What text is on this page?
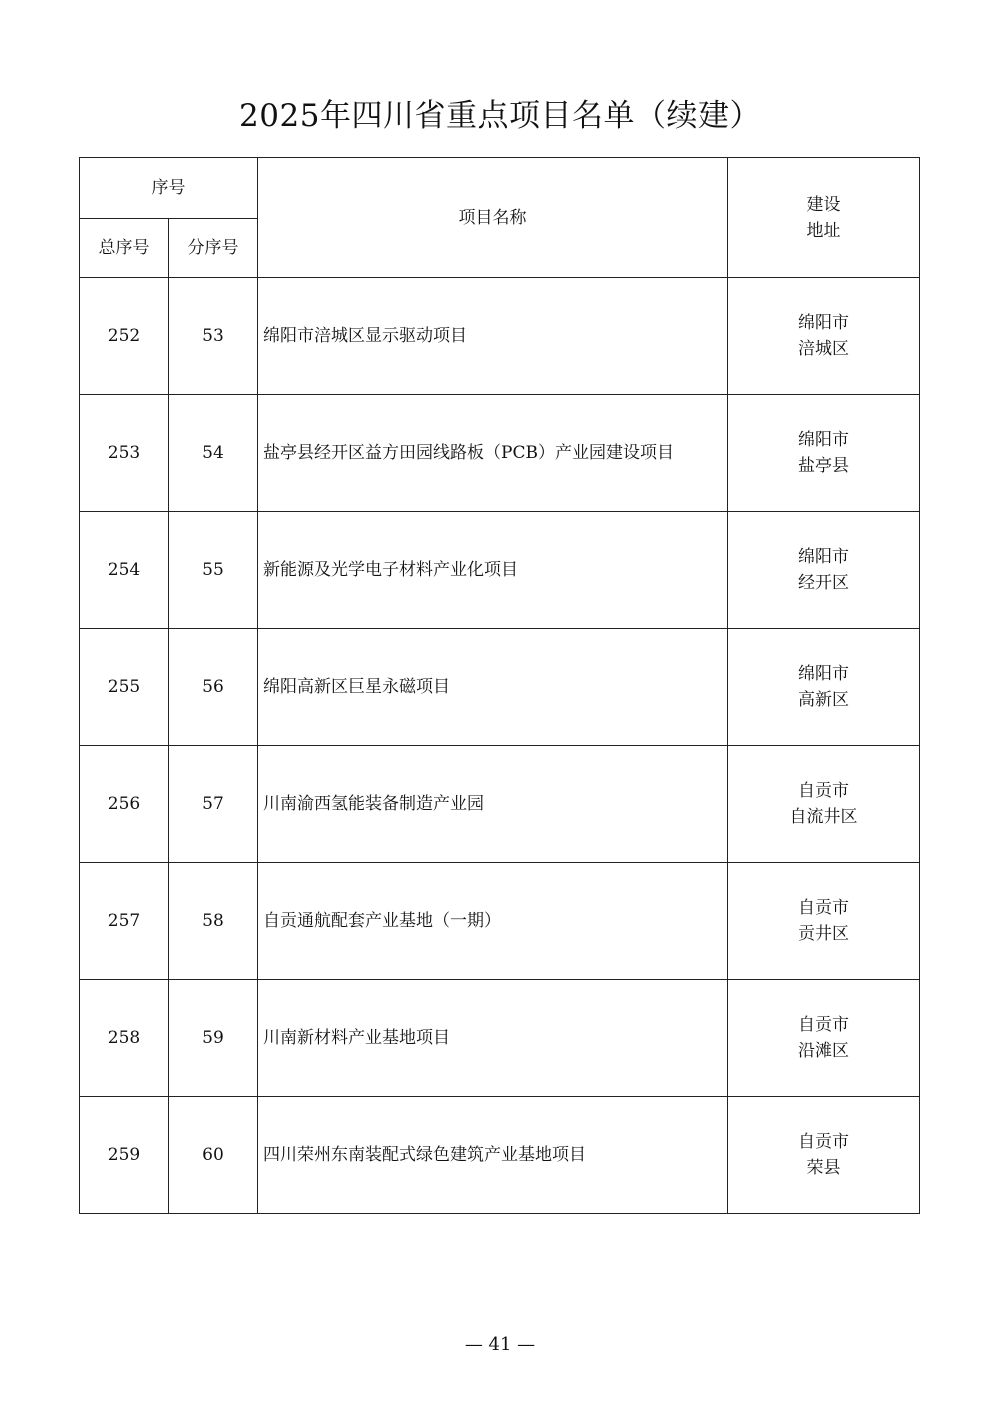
2025年四川省重点项目名单（续建）
序号		项目名称	建设
地址

总序号	分序号		
252	53	绵阳市涪城区显示驱动项目	绵阳市
涪城区

253	54	盐亭县经开区益方田园线路板（PCB）产业园建设项目	绵阳市
盐亭县

254	55	新能源及光学电子材料产业化项目	绵阳市
经开区

255	56	绵阳高新区巨星永磁项目	绵阳市
高新区

256	57	川南渝西氢能装备制造产业园	自贡市
自流井区

257	58	自贡通航配套产业基地（一期）	自贡市
贡井区

258	59	川南新材料产业基地项目	自贡市
沿滩区

259	60	四川荣州东南装配式绿色建筑产业基地项目	自贡市
荣县
— 41 —
